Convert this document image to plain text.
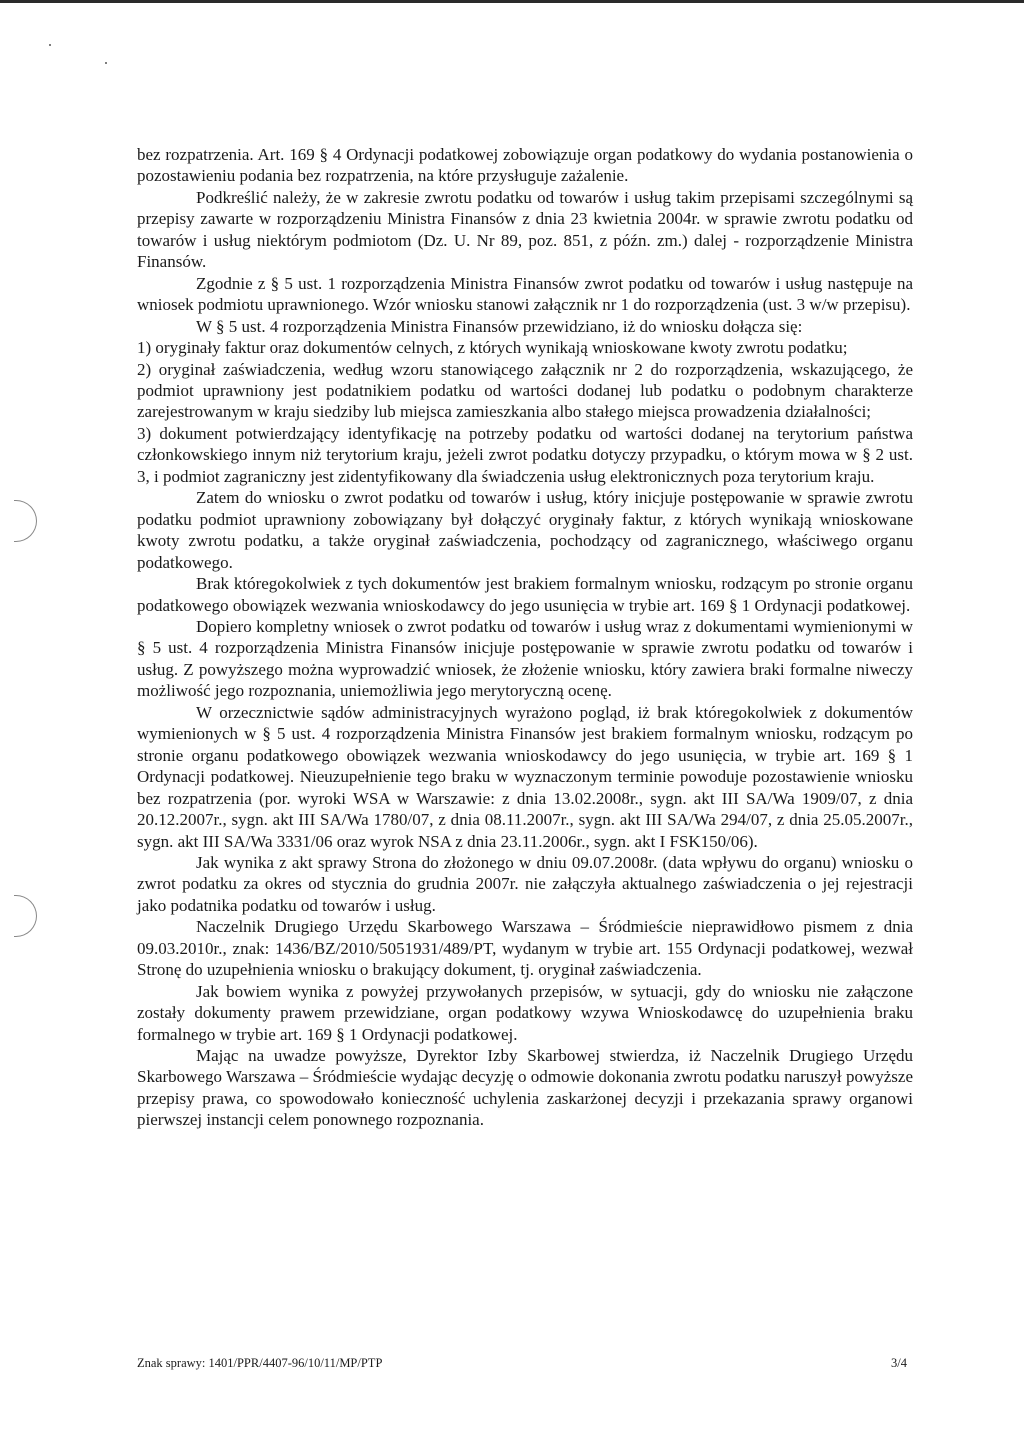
bez rozpatrzenia. Art. 169 § 4 Ordynacji podatkowej zobowiązuje organ podatkowy do wydania postanowienia o pozostawieniu podania bez rozpatrzenia, na które przysługuje zażalenie.

Podkreślić należy, że w zakresie zwrotu podatku od towarów i usług takim przepisami szczególnymi są przepisy zawarte w rozporządzeniu Ministra Finansów z dnia 23 kwietnia 2004r. w sprawie zwrotu podatku od towarów i usług niektórym podmiotom (Dz. U. Nr 89, poz. 851, z późn. zm.) dalej - rozporządzenie Ministra Finansów.

Zgodnie z § 5 ust. 1 rozporządzenia Ministra Finansów zwrot podatku od towarów i usług następuje na wniosek podmiotu uprawnionego. Wzór wniosku stanowi załącznik nr 1 do rozporządzenia (ust. 3 w/w przepisu).

W § 5 ust. 4 rozporządzenia Ministra Finansów przewidziano, iż do wniosku dołącza się:

1) oryginały faktur oraz dokumentów celnych, z których wynikają wnioskowane kwoty zwrotu podatku;

2) oryginał zaświadczenia, według wzoru stanowiącego załącznik nr 2 do rozporządzenia, wskazującego, że podmiot uprawniony jest podatnikiem podatku od wartości dodanej lub podatku o podobnym charakterze zarejestrowanym w kraju siedziby lub miejsca zamieszkania albo stałego miejsca prowadzenia działalności;

3) dokument potwierdzający identyfikację na potrzeby podatku od wartości dodanej na terytorium państwa członkowskiego innym niż terytorium kraju, jeżeli zwrot podatku dotyczy przypadku, o którym mowa w § 2 ust. 3, i podmiot zagraniczny jest zidentyfikowany dla świadczenia usług elektronicznych poza terytorium kraju.

Zatem do wniosku o zwrot podatku od towarów i usług, który inicjuje postępowanie w sprawie zwrotu podatku podmiot uprawniony zobowiązany był dołączyć oryginały faktur, z których wynikają wnioskowane kwoty zwrotu podatku, a także oryginał zaświadczenia, pochodzący od zagranicznego, właściwego organu podatkowego.

Brak któregokolwiek z tych dokumentów jest brakiem formalnym wniosku, rodzącym po stronie organu podatkowego obowiązek wezwania wnioskodawcy do jego usunięcia w trybie art. 169 § 1 Ordynacji podatkowej.

Dopiero kompletny wniosek o zwrot podatku od towarów i usług wraz z dokumentami wymienionymi w § 5 ust. 4 rozporządzenia Ministra Finansów inicjuje postępowanie w sprawie zwrotu podatku od towarów i usług. Z powyższego można wyprowadzić wniosek, że złożenie wniosku, który zawiera braki formalne niweczy możliwość jego rozpoznania, uniemożliwia jego merytoryczną ocenę.

W orzecznictwie sądów administracyjnych wyrażono pogląd, iż brak któregokolwiek z dokumentów wymienionych w § 5 ust. 4 rozporządzenia Ministra Finansów jest brakiem formalnym wniosku, rodzącym po stronie organu podatkowego obowiązek wezwania wnioskodawcy do jego usunięcia, w trybie art. 169 § 1 Ordynacji podatkowej. Nieuzupełnienie tego braku w wyznaczonym terminie powoduje pozostawienie wniosku bez rozpatrzenia (por. wyroki WSA w Warszawie: z dnia 13.02.2008r., sygn. akt III SA/Wa 1909/07, z dnia 20.12.2007r., sygn. akt III SA/Wa 1780/07, z dnia 08.11.2007r., sygn. akt III SA/Wa 294/07, z dnia 25.05.2007r., sygn. akt III SA/Wa 3331/06 oraz wyrok NSA z dnia 23.11.2006r., sygn. akt I FSK150/06).

Jak wynika z akt sprawy Strona do złożonego w dniu 09.07.2008r. (data wpływu do organu) wniosku o zwrot podatku za okres od stycznia do grudnia 2007r. nie załączyła aktualnego zaświadczenia o jej rejestracji jako podatnika podatku od towarów i usług.

Naczelnik Drugiego Urzędu Skarbowego Warszawa – Śródmieście nieprawidłowo pismem z dnia 09.03.2010r., znak: 1436/BZ/2010/5051931/489/PT, wydanym w trybie art. 155 Ordynacji podatkowej, wezwał Stronę do uzupełnienia wniosku o brakujący dokument, tj. oryginał zaświadczenia.

Jak bowiem wynika z powyżej przywołanych przepisów, w sytuacji, gdy do wniosku nie załączone zostały dokumenty prawem przewidziane, organ podatkowy wzywa Wnioskodawcę do uzupełnienia braku formalnego w trybie art. 169 § 1 Ordynacji podatkowej.

Mając na uwadze powyższe, Dyrektor Izby Skarbowej stwierdza, iż Naczelnik Drugiego Urzędu Skarbowego Warszawa – Śródmieście wydając decyzję o odmowie dokonania zwrotu podatku naruszył powyższe przepisy prawa, co spowodowało konieczność uchylenia zaskarżonej decyzji i przekazania sprawy organowi pierwszej instancji celem ponownego rozpoznania.

Znak sprawy: 1401/PPR/4407-96/10/11/MP/PTP	3/4
